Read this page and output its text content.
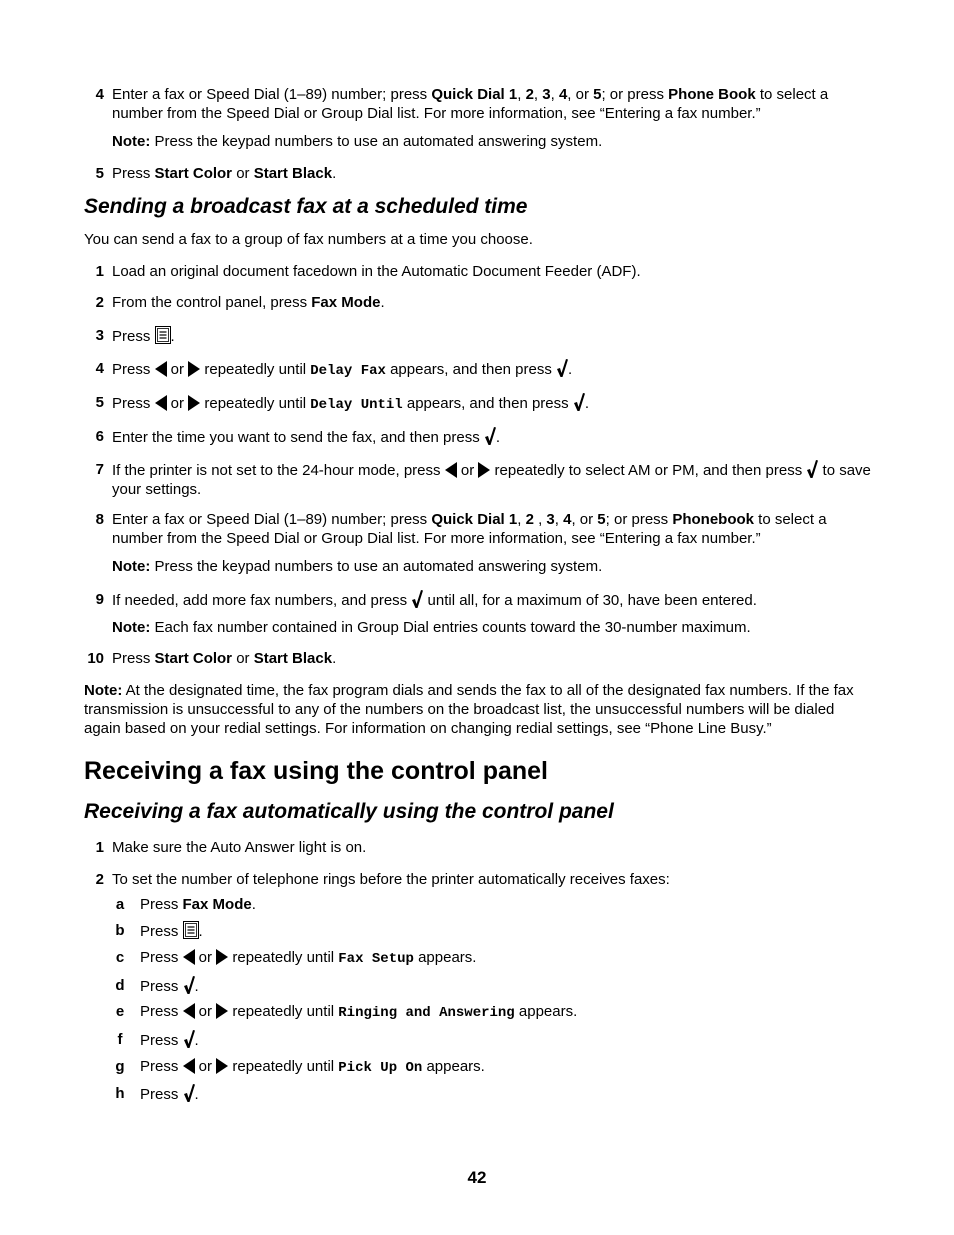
4 Enter a fax or Speed Dial (1–89) number; press Quick Dial 1, 2, 3, 4, or 5; or press Phone Book to select a number from the Speed Dial or Group Dial list. For more information, see “Entering a fax number.”
Note: Press the keypad numbers to use an automated answering system.
5 Press Start Color or Start Black.
Sending a broadcast fax at a scheduled time
You can send a fax to a group of fax numbers at a time you choose.
1 Load an original document facedown in the Automatic Document Feeder (ADF).
2 From the control panel, press Fax Mode.
3 Press .
4 Press  or  repeatedly until Delay Fax appears, and then press .
5 Press  or  repeatedly until Delay Until appears, and then press .
6 Enter the time you want to send the fax, and then press .
7 If the printer is not set to the 24-hour mode, press  or  repeatedly to select AM or PM, and then press  to save your settings.
8 Enter a fax or Speed Dial (1–89) number; press Quick Dial 1, 2 , 3, 4, or 5; or press Phonebook to select a number from the Speed Dial or Group Dial list. For more information, see “Entering a fax number.”
Note: Press the keypad numbers to use an automated answering system.
9 If needed, add more fax numbers, and press  until all, for a maximum of 30, have been entered.
Note: Each fax number contained in Group Dial entries counts toward the 30-number maximum.
10 Press Start Color or Start Black.
Note: At the designated time, the fax program dials and sends the fax to all of the designated fax numbers. If the fax transmission is unsuccessful to any of the numbers on the broadcast list, the unsuccessful numbers will be dialed again based on your redial settings. For information on changing redial settings, see “Phone Line Busy.”
Receiving a fax using the control panel
Receiving a fax automatically using the control panel
1 Make sure the Auto Answer light is on.
2 To set the number of telephone rings before the printer automatically receives faxes:
a Press Fax Mode.
b Press .
c Press  or  repeatedly until Fax Setup appears.
d Press .
e Press  or  repeatedly until Ringing and Answering appears.
f	Press .
g Press  or  repeatedly until Pick Up On appears.
h Press .
42
